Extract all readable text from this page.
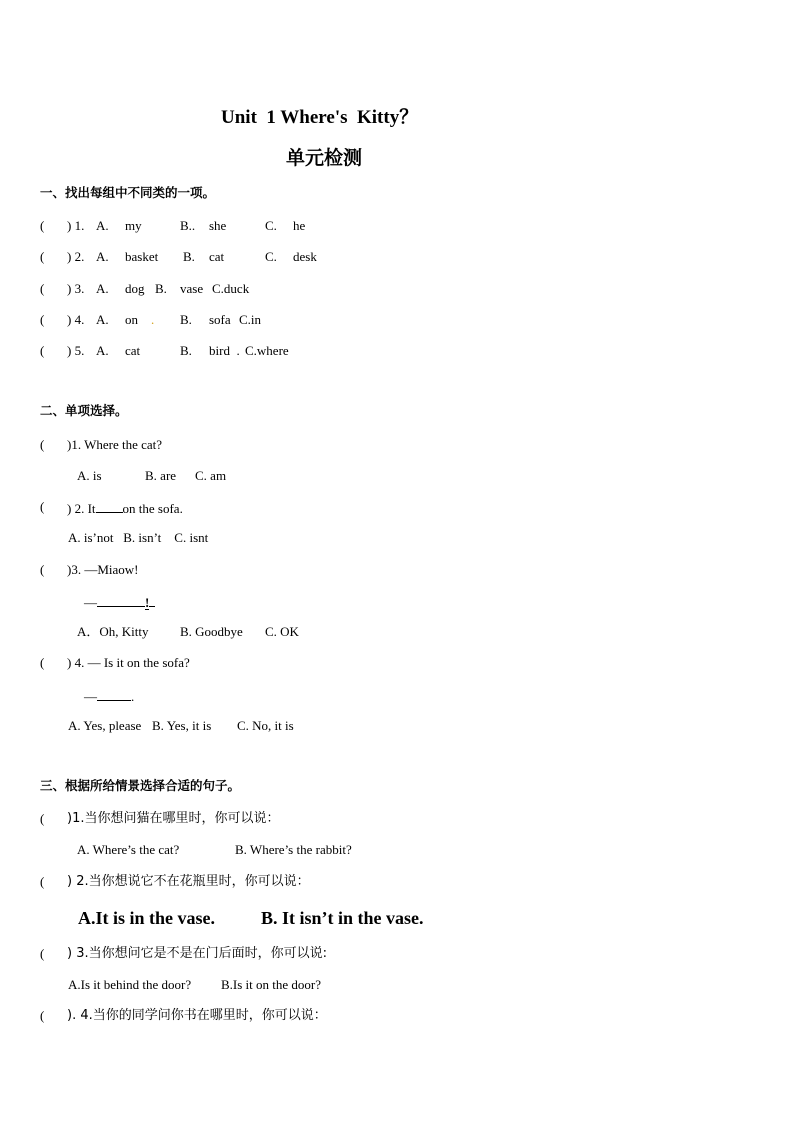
Unit  1 Where's  Kitty？
单元检测
一、找出每组中不同类的一项。
( ) 1. A. my	B.. she	C. he
( ) 2. A. basket B. cat	C. desk
( ) 3. A. dog B. vase C.duck
( ) 4. A. on . B. sofa C.in
( ) 5. A. cat	B. bird  . C.where
二、单项选择。
( )1. Where the cat?
A. is	B. are C. am
( ) 2. It on the sofa.
A. is’not   B. isn’t    C. isnt
( )3. —Miaow!
—	!
A．Oh, Kitty B. Goodbye C. OK
( ) 4. — Is it on the sofa?
—	.
A. Yes, please B. Yes, it is C. No, it is
三、根据所给情景选择合适的句子。
( )1.当你想问猫在哪里时，你可以说：
A. Where’s the cat?	B. Where’s the rabbit?
( ) 2.当你想说它不在花瓶里时，你可以说：
A.It is in the vase.	B. It isn’t in the vase.
( ) 3.当你想问它是不是在门后面时，你可以说:
A.Is it behind the door? B.Is it on the door?
( ). 4.当你的同学问你书在哪里时，你可以说：
